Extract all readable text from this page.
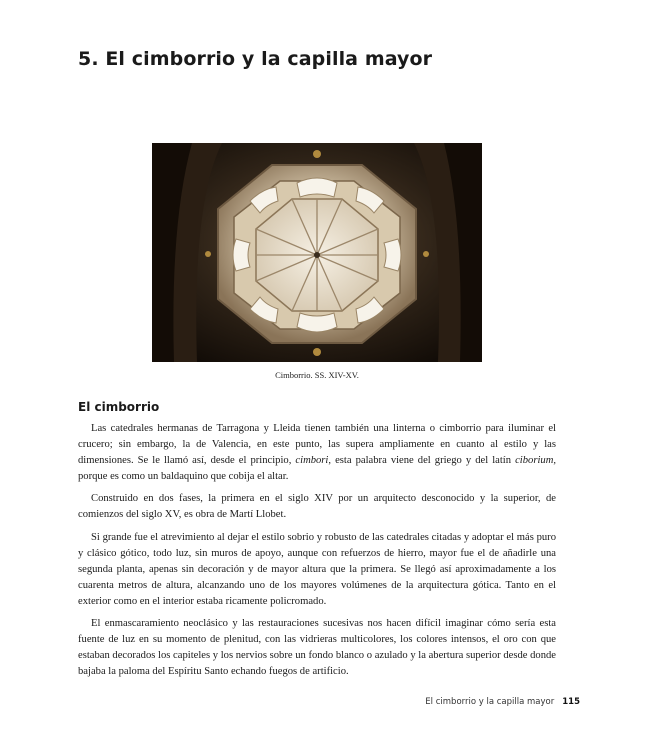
5. El cimborrio y la capilla mayor
Cimborrio. SS. XIV-XV.
El cimborrio

Las catedrales hermanas de Tarragona y Lleida tienen también una linterna o cimborrio para iluminar el crucero; sin embargo, la de Valencia, en este punto, las supera ampliamente en cuanto al estilo y las dimensiones. Se le llamó así, desde el principio, cimbori, esta palabra viene del griego y del latín ciborium, porque es como un baldaquino que cobija el altar.

Construido en dos fases, la primera en el siglo XIV por un arquitecto desconocido y la superior, de comienzos del siglo XV, es obra de Martí Llobet.

Si grande fue el atrevimiento al dejar el estilo sobrio y robusto de las catedrales citadas y adoptar el más puro y clásico gótico, todo luz, sin muros de apoyo, aunque con refuerzos de hierro, mayor fue el de añadirle una segunda planta, apenas sin decoración y de mayor altura que la primera. Se llegó así aproximadamente a los cuarenta metros de altura, alcanzando uno de los mayores volúmenes de la arquitectura gótica. Tanto en el exterior como en el interior estaba ricamente policromado.

El enmascaramiento neoclásico y las restauraciones sucesivas nos hacen difícil imaginar cómo sería esta fuente de luz en su momento de plenitud, con las vidrieras multicolores, los colores intensos, el oro con que estaban decorados los capiteles y los nervios sobre un fondo blanco o azulado y la abertura superior desde donde bajaba la paloma del Espíritu Santo echando fuegos de artificio.

El cimborrio y la capilla mayor 115
